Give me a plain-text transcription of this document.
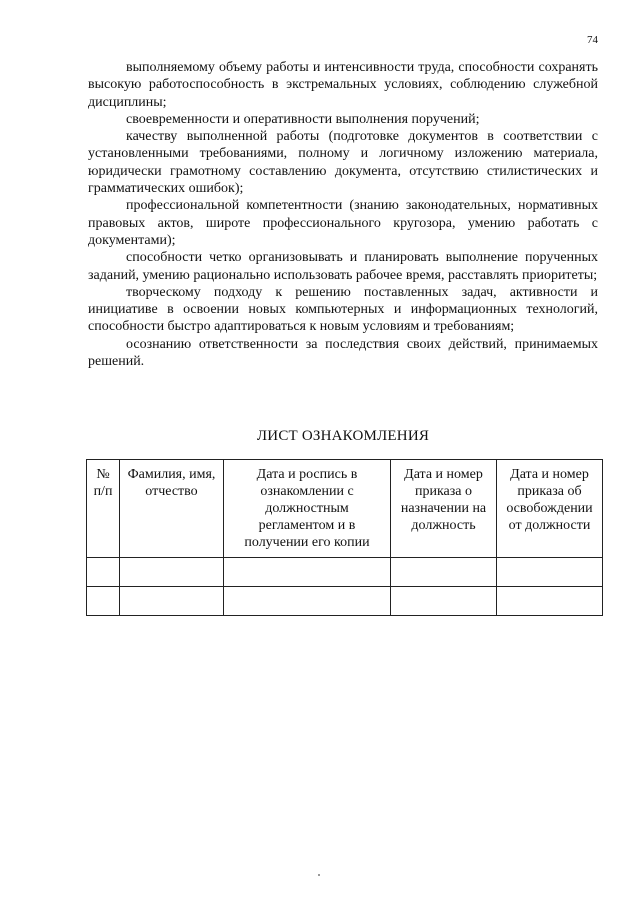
74

выполняемому объему работы и интенсивности труда, способности сохранять высокую работоспособность в экстремальных условиях, соблюдению служебной дисциплины;

своевременности и оперативности выполнения поручений;

качеству выполненной работы (подготовке документов в соответствии с установленными требованиями, полному и логичному изложению материала, юридически грамотному составлению документа, отсутствию стилистических и грамматических ошибок);

профессиональной компетентности (знанию законодательных, нормативных правовых актов, широте профессионального кругозора, умению работать с документами);

способности четко организовывать и планировать выполнение порученных заданий, умению рационально использовать рабочее время, расставлять приоритеты;

творческому подходу к решению поставленных задач, активности и инициативе в освоении новых компьютерных и информационных технологий, способности быстро адаптироваться к новым условиям и требованиям;

осознанию ответственности за последствия своих действий, принимаемых решений.

ЛИСТ ОЗНАКОМЛЕНИЯ
№ п/п	Фамилия, имя, отчество	Дата и роспись в ознакомлении с должностным регламентом и в получении его копии	Дата и номер приказа о назначении на должность	Дата и номер приказа об освобождении от должности
